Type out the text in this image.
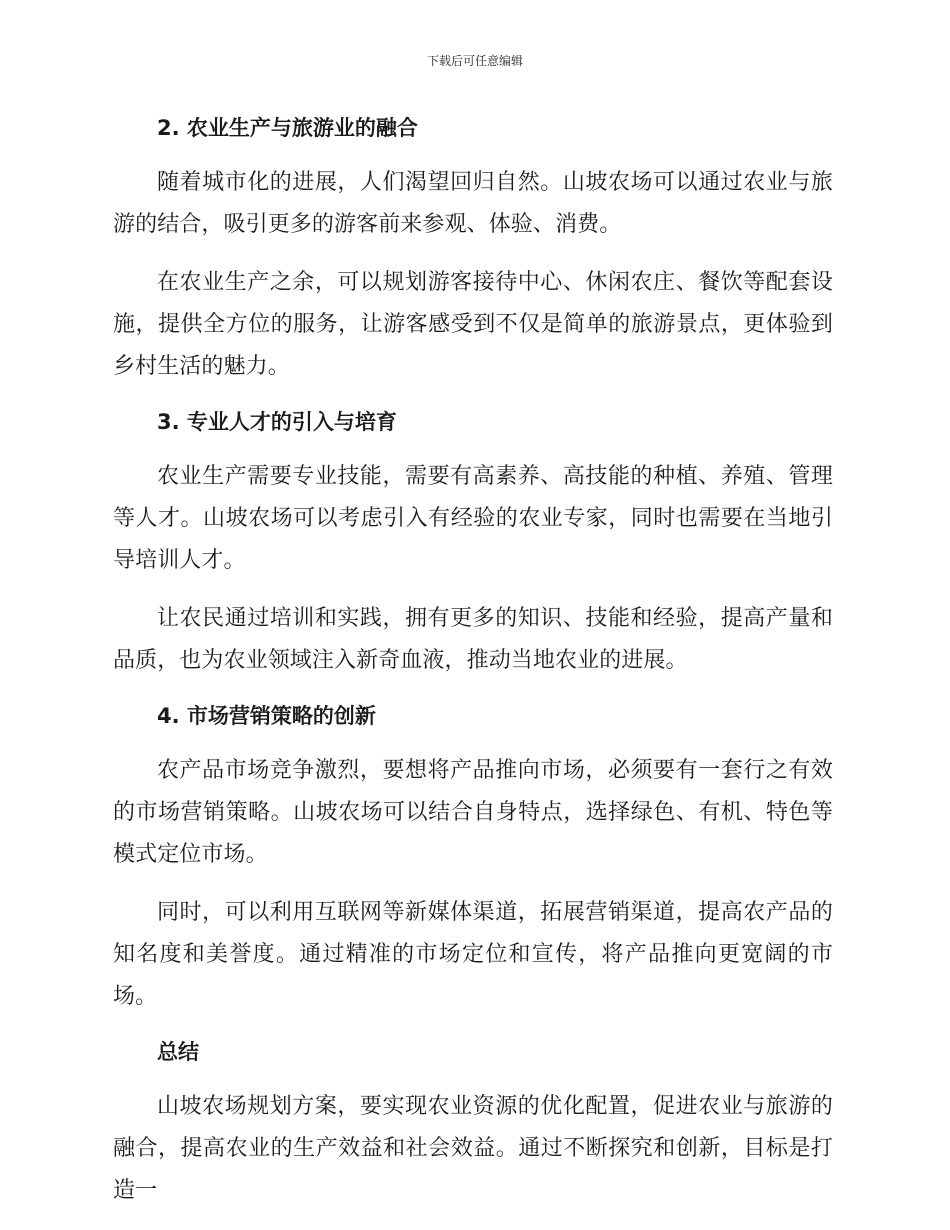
下载后可任意编辑
2. 农业生产与旅游业的融合

随着城市化的进展，人们渴望回归自然。山坡农场可以通过农业与旅游的结合，吸引更多的游客前来参观、体验、消费。

在农业生产之余，可以规划游客接待中心、休闲农庄、餐饮等配套设施，提供全方位的服务，让游客感受到不仅是简单的旅游景点，更体验到乡村生活的魅力。

3. 专业人才的引入与培育

农业生产需要专业技能，需要有高素养、高技能的种植、养殖、管理等人才。山坡农场可以考虑引入有经验的农业专家，同时也需要在当地引导培训人才。

让农民通过培训和实践，拥有更多的知识、技能和经验，提高产量和品质，也为农业领域注入新奇血液，推动当地农业的进展。

4. 市场营销策略的创新

农产品市场竞争激烈，要想将产品推向市场，必须要有一套行之有效的市场营销策略。山坡农场可以结合自身特点，选择绿色、有机、特色等模式定位市场。

同时，可以利用互联网等新媒体渠道，拓展营销渠道，提高农产品的知名度和美誉度。通过精准的市场定位和宣传，将产品推向更宽阔的市场。

总结

山坡农场规划方案，要实现农业资源的优化配置，促进农业与旅游的融合，提高农业的生产效益和社会效益。通过不断探究和创新，目标是打造一
